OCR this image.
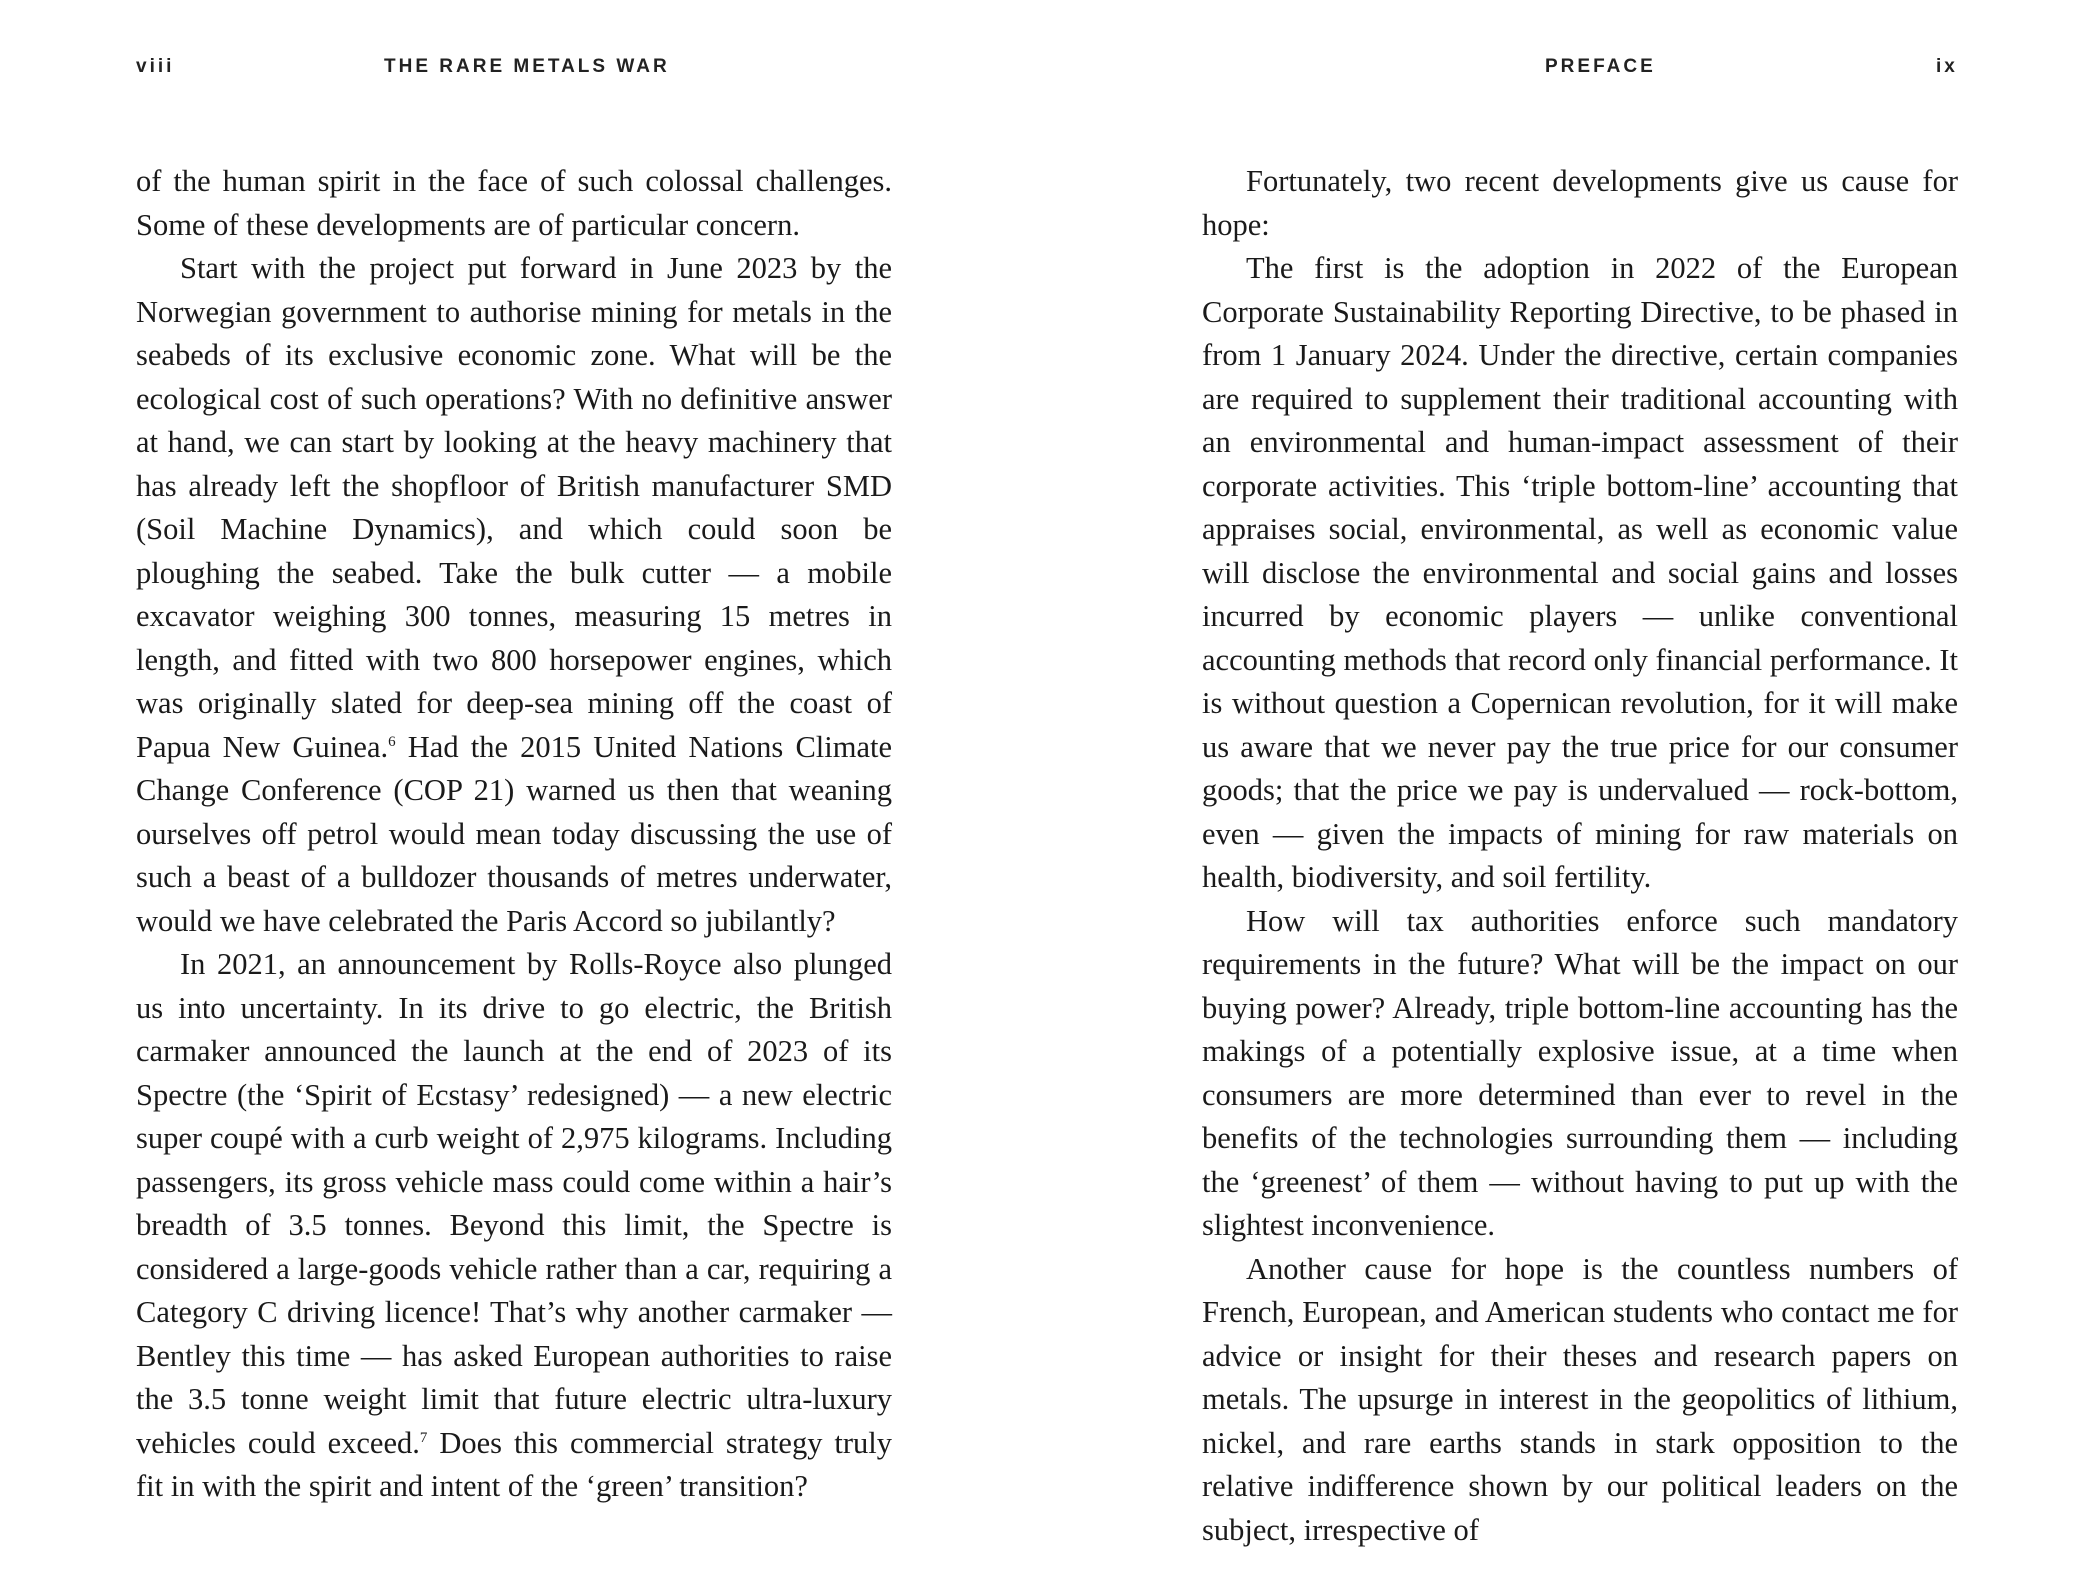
viii	THE RARE METALS WAR

of the human spirit in the face of such colossal challenges. Some of these developments are of particular concern.

Start with the project put forward in June 2023 by the Norwegian government to authorise mining for metals in the seabeds of its exclusive economic zone. What will be the ecological cost of such operations? With no definitive answer at hand, we can start by looking at the heavy machinery that has already left the shopfloor of British manufacturer SMD (Soil Machine Dynamics), and which could soon be ploughing the seabed. Take the bulk cutter — a mobile excavator weighing 300 tonnes, measuring 15 metres in length, and fitted with two 800 horsepower engines, which was originally slated for deep-sea mining off the coast of Papua New Guinea.$^6$ Had the 2015 United Nations Climate Change Conference (COP 21) warned us then that weaning ourselves off petrol would mean today discussing the use of such a beast of a bulldozer thousands of metres underwater, would we have celebrated the Paris Accord so jubilantly?

In 2021, an announcement by Rolls-Royce also plunged us into uncertainty. In its drive to go electric, the British carmaker announced the launch at the end of 2023 of its Spectre (the ‘Spirit of Ecstasy’ redesigned) — a new electric super coupé with a curb weight of 2,975 kilograms. Including passengers, its gross vehicle mass could come within a hair’s breadth of 3.5 tonnes. Beyond this limit, the Spectre is considered a large-goods vehicle rather than a car, requiring a Category C driving licence! That’s why another carmaker — Bentley this time — has asked European authorities to raise the 3.5 tonne weight limit that future electric ultra-luxury vehicles could exceed.$^7$ Does this commercial strategy truly fit in with the spirit and intent of the ‘green’ transition?

PREFACE	ix

Fortunately, two recent developments give us cause for hope:

The first is the adoption in 2022 of the European Corporate Sustainability Reporting Directive, to be phased in from 1 January 2024. Under the directive, certain companies are required to supplement their traditional accounting with an environmental and human-impact assessment of their corporate activities. This ‘triple bottom-line’ accounting that appraises social, environmental, as well as economic value will disclose the environmental and social gains and losses incurred by economic players — unlike conventional accounting methods that record only financial performance. It is without question a Copernican revolution, for it will make us aware that we never pay the true price for our consumer goods; that the price we pay is undervalued — rock-bottom, even — given the impacts of mining for raw materials on health, biodiversity, and soil fertility.

How will tax authorities enforce such mandatory requirements in the future? What will be the impact on our buying power? Already, triple bottom-line accounting has the makings of a potentially explosive issue, at a time when consumers are more determined than ever to revel in the benefits of the technologies surrounding them — including the ‘greenest’ of them — without having to put up with the slightest inconvenience.

Another cause for hope is the countless numbers of French, European, and American students who contact me for advice or insight for their theses and research papers on metals. The upsurge in interest in the geopolitics of lithium, nickel, and rare earths stands in stark opposition to the relative indifference shown by our political leaders on the subject, irrespective of
